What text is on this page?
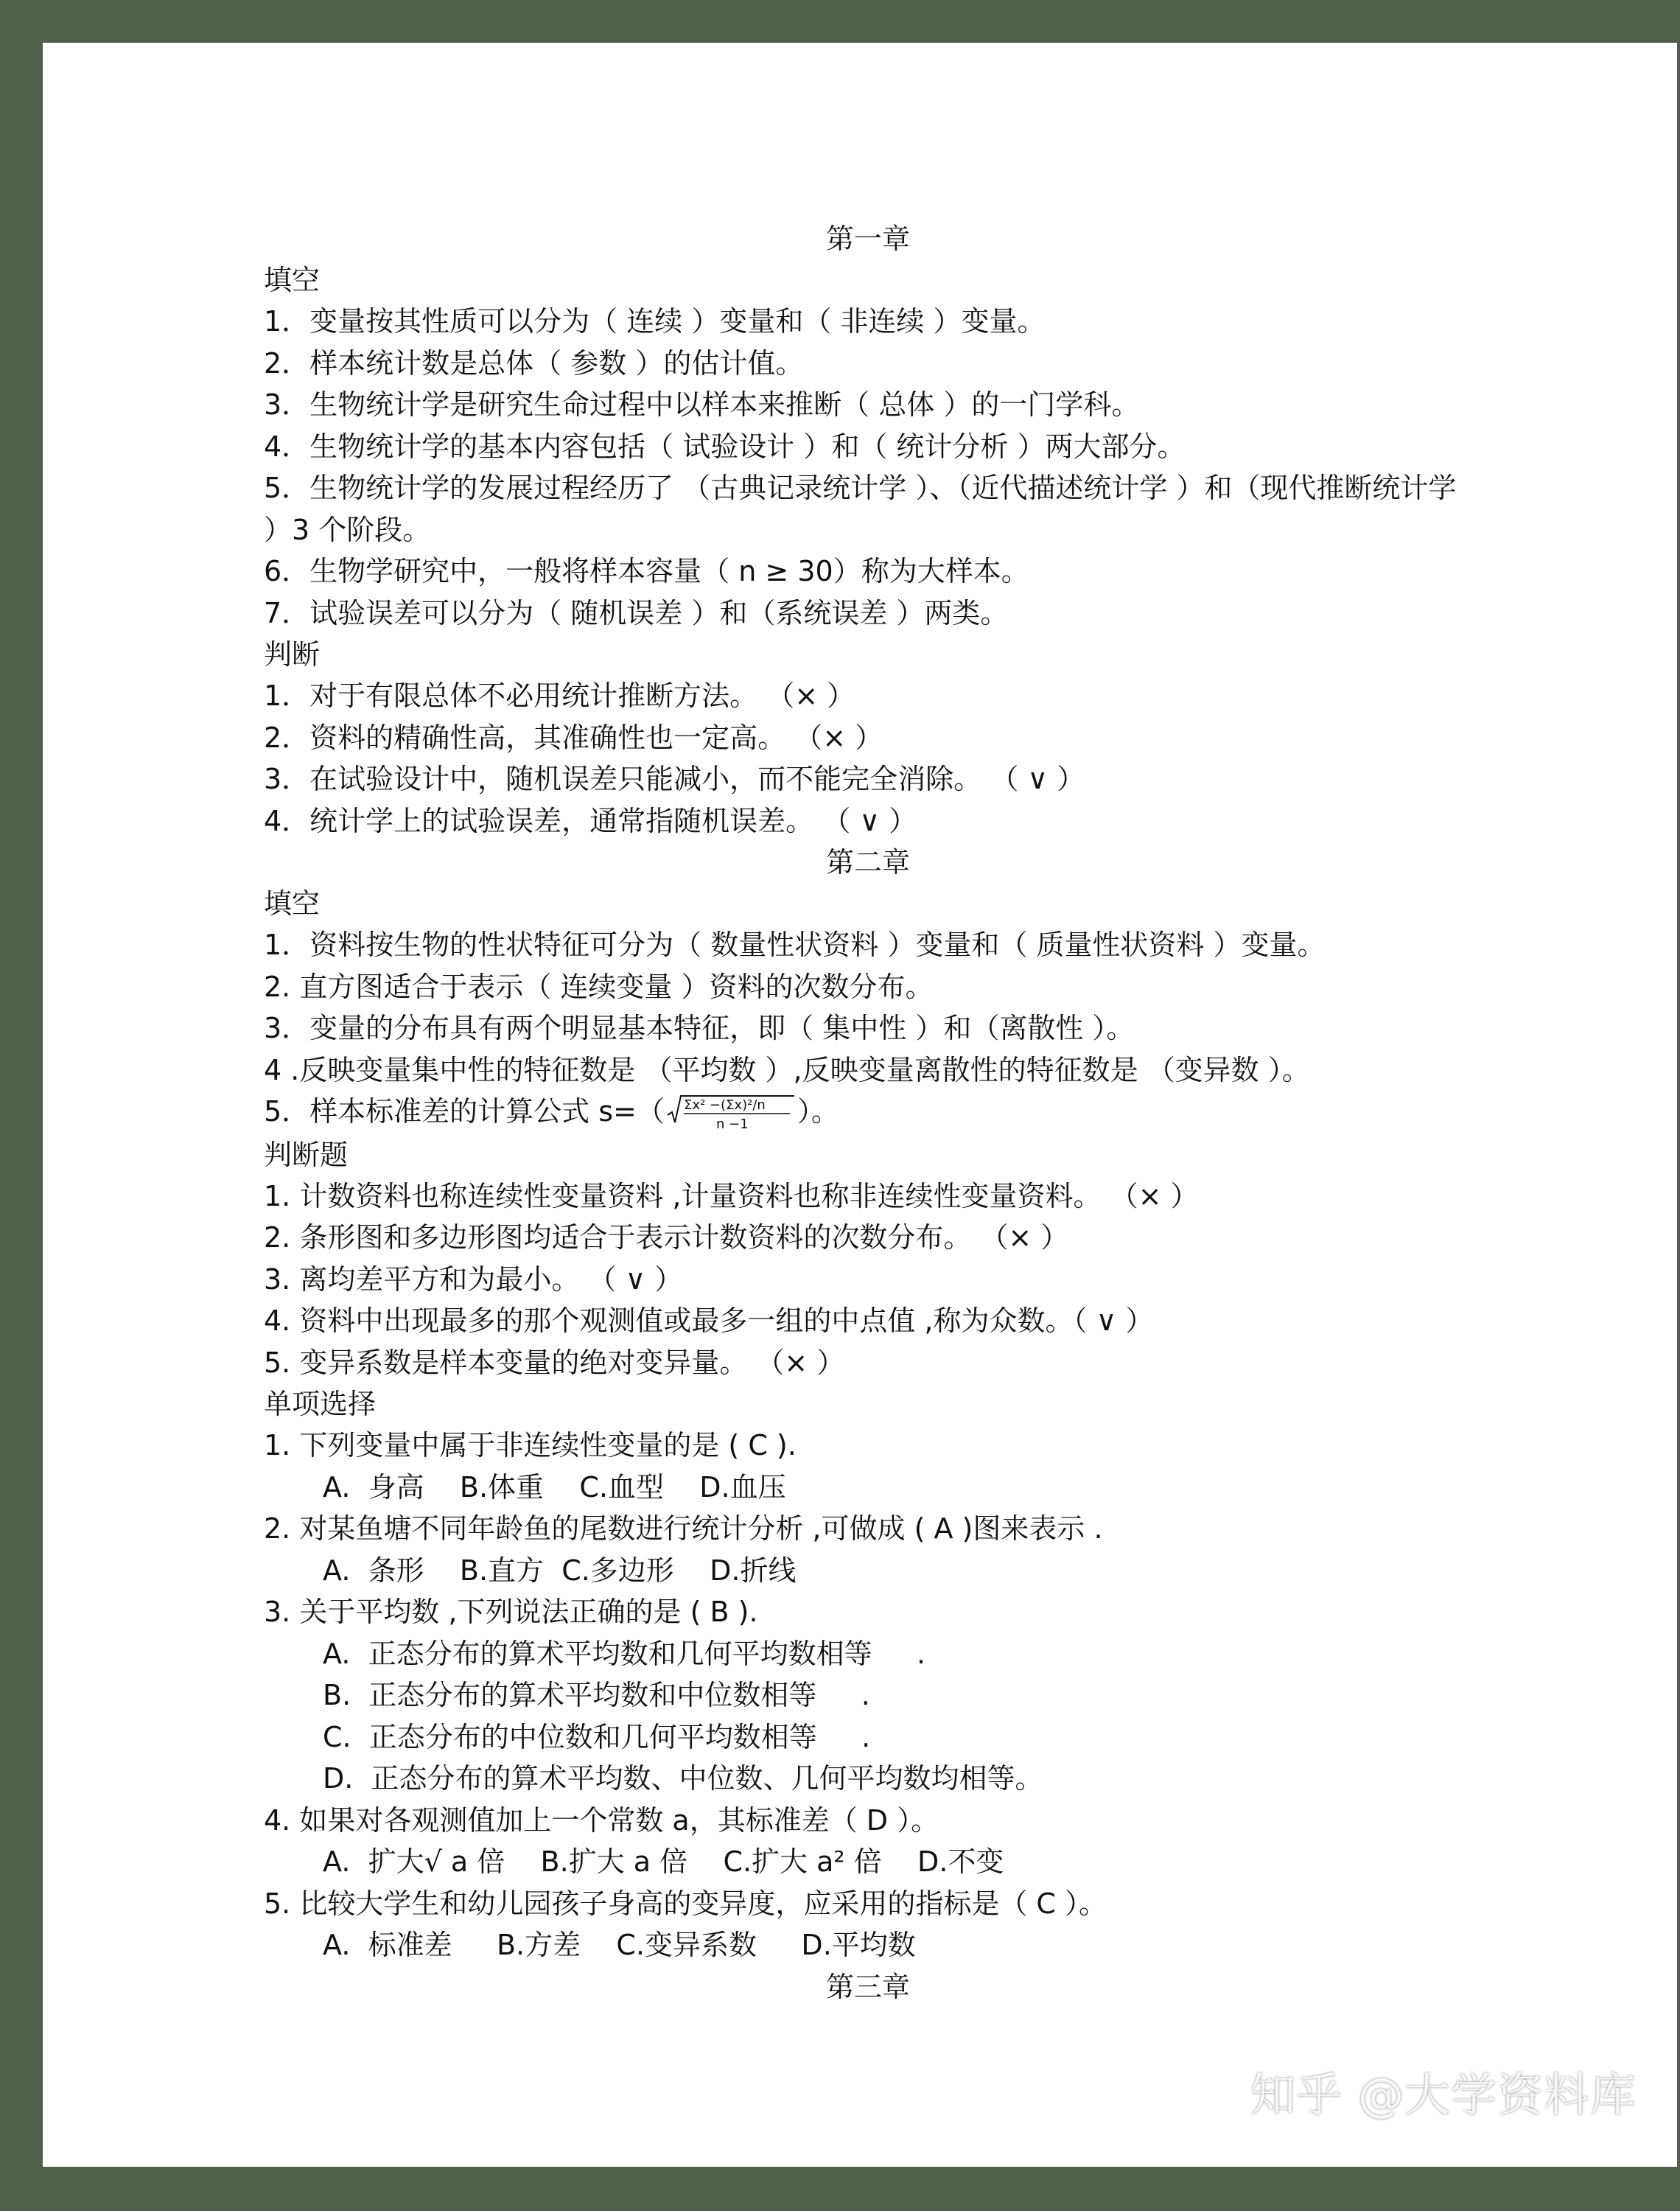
第一章
填空
1．变量按其性质可以分为（ 连续 ）变量和（ 非连续 ）变量。
2．样本统计数是总体（ 参数 ）的估计值。
3．生物统计学是研究生命过程中以样本来推断（ 总体 ）的一门学科。
4．生物统计学的基本内容包括（ 试验设计 ）和（ 统计分析 ）两大部分。
5．生物统计学的发展过程经历了 （古典记录统计学 ）、（近代描述统计学 ）和（现代推断统计学 ）3 个阶段。
6．生物学研究中，一般将样本容量（ n ≥ 30）称为大样本。
7．试验误差可以分为（ 随机误差 ）和（系统误差 ）两类。
判断
1．对于有限总体不必用统计推断方法。 （× ）
2．资料的精确性高，其准确性也一定高。 （× ）
3．在试验设计中，随机误差只能减小，而不能完全消除。 （ ∨ ）
4．统计学上的试验误差，通常指随机误差。 （ ∨ ）
第二章
填空
1．资料按生物的性状特征可分为（ 数量性状资料 ）变量和（ 质量性状资料 ）变量。
2. 直方图适合于表示（ 连续变量 ）资料的次数分布。
3．变量的分布具有两个明显基本特征，即（ 集中性 ）和（离散性 ）。
4 .反映变量集中性的特征数是 （平均数 ）,反映变量离散性的特征数是 （变异数 ）。
5．样本标准差的计算公式 s=（ Σx² −(Σx)²/n
n −1 ）。
判断题
1. 计数资料也称连续性变量资料 ,计量资料也称非连续性变量资料。 （× ）
2. 条形图和多边形图均适合于表示计数资料的次数分布。 （× ）
3. 离均差平方和为最小。 （ ∨ ）
4. 资料中出现最多的那个观测值或最多一组的中点值 ,称为众数。（ ∨ ）
5. 变异系数是样本变量的绝对变异量。 （× ）
单项选择
1. 下列变量中属于非连续性变量的是 ( C ).
A.  身高    B.体重    C.血型    D.血压
2. 对某鱼塘不同年龄鱼的尾数进行统计分析 ,可做成 ( A )图来表示 .
A.  条形    B.直方  C.多边形    D.折线
3. 关于平均数 ,下列说法正确的是 ( B ).
A.  正态分布的算术平均数和几何平均数相等     .
B.  正态分布的算术平均数和中位数相等     .
C.  正态分布的中位数和几何平均数相等     .
D.  正态分布的算术平均数、中位数、几何平均数均相等。
4. 如果对各观测值加上一个常数 a，其标准差（ D ）。
A.  扩大√ a 倍    B.扩大 a 倍    C.扩大 a² 倍    D.不变
5. 比较大学生和幼儿园孩子身高的变异度，应采用的指标是（ C ）。
A.  标准差     B.方差    C.变异系数     D.平均数
第三章
知乎 @大学资料库
